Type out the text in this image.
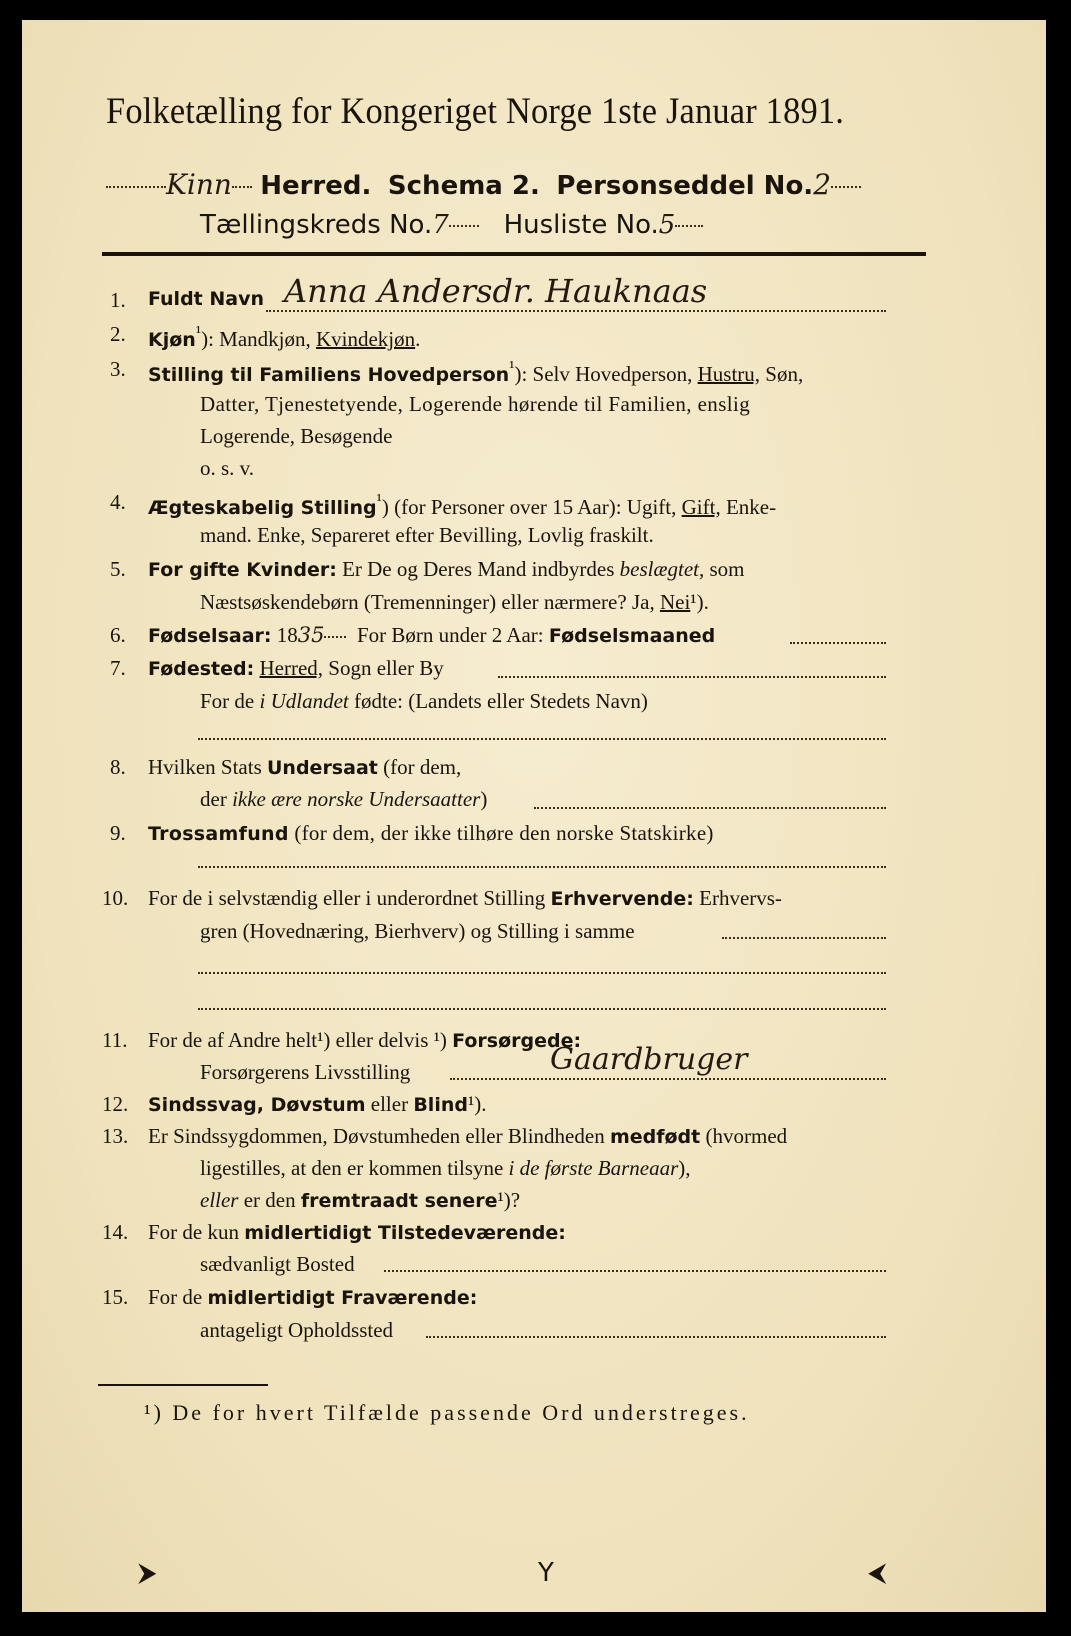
Folketælling for Kongeriget Norge 1ste Januar 1891.
Kinn Herred. Schema 2. Personseddel No.2
Tællingskreds No.7 Husliste No.5
1. Fuldt Navn Anna Andersdr. Hauknaas
2. Kjøn$^{^1}$): Mandkjøn, Kvindekjøn.
3. Stilling til Familiens Hovedperson$^{^1}$): Selv Hovedperson, Hustru, Søn,
Datter, Tjenestetyende, Logerende hørende til Familien, enslig
Logerende, Besøgende
o. s. v.
4. Ægteskabelig Stilling$^{^1}$) (for Personer over 15 Aar): Ugift, Gift, Enke-
mand. Enke, Separeret efter Bevilling, Lovlig fraskilt.
5. For gifte Kvinder: Er De og Deres Mand indbyrdes beslægtet, som
Næstsøskendebørn (Tremenninger) eller nærmere? Ja, Nei¹).
6. Fødselsaar: 1835 For Børn under 2 Aar: Fødselsmaaned
7. Fødested: Herred, Sogn eller By
For de i Udlandet fødte: (Landets eller Stedets Navn)
8. Hvilken Stats Undersaat (for dem,
der ikke ære norske Undersaatter)
9. Trossamfund (for dem, der ikke tilhøre den norske Statskirke)
10. For de i selvstændig eller i underordnet Stilling Erhvervende: Erhvervs-
gren (Hovednæring, Bierhverv) og Stilling i samme
11. For de af Andre helt¹) eller delvis ¹) Forsørgede:
Forsørgerens Livsstilling	Gaardbruger
12. Sindssvag, Døvstum eller Blind¹).
13. Er Sindssygdommen, Døvstumheden eller Blindheden medfødt (hvormed
ligestilles, at den er kommen tilsyne i de første Barneaar),
eller er den fremtraadt senere¹)?
14. For de kun midlertidigt Tilstedeværende:
sædvanligt Bosted
15. For de midlertidigt Fraværende:
antageligt Opholdssted
¹) De for hvert Tilfælde passende Ord understreges.
⮞	Y	⮜
